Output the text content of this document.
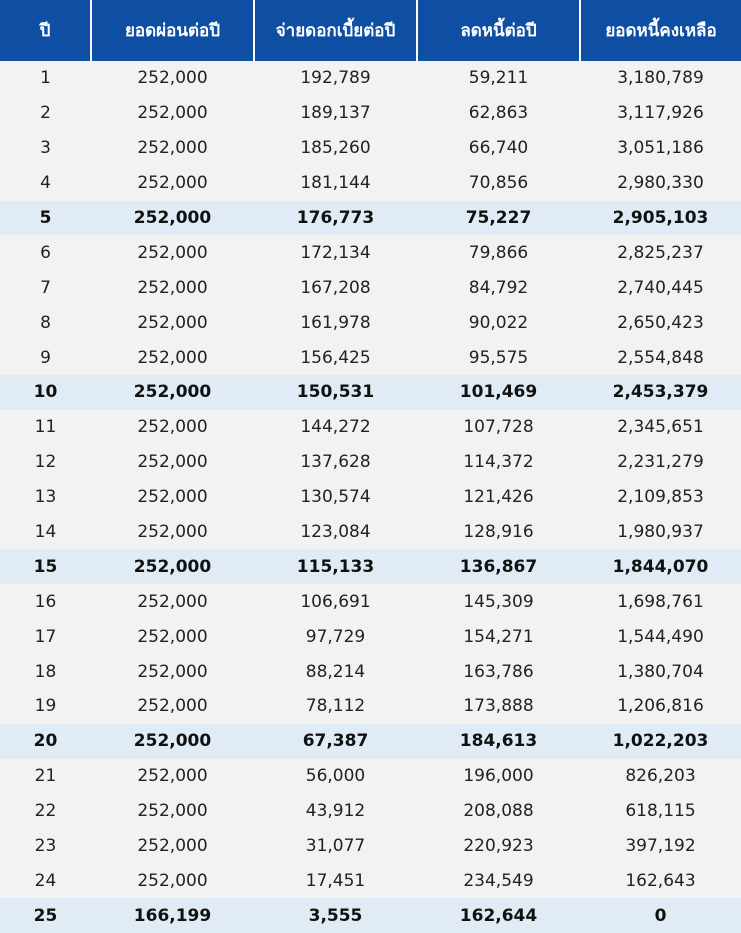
ปี	ยอดผ่อนต่อปี	จ่ายดอกเบี้ยต่อปี	ลดหนี้ต่อปี	ยอดหนี้คงเหลือ
1	252,000	192,789	59,211	3,180,789
2	252,000	189,137	62,863	3,117,926
3	252,000	185,260	66,740	3,051,186
4	252,000	181,144	70,856	2,980,330
5	252,000	176,773	75,227	2,905,103
6	252,000	172,134	79,866	2,825,237
7	252,000	167,208	84,792	2,740,445
8	252,000	161,978	90,022	2,650,423
9	252,000	156,425	95,575	2,554,848
10	252,000	150,531	101,469	2,453,379
11	252,000	144,272	107,728	2,345,651
12	252,000	137,628	114,372	2,231,279
13	252,000	130,574	121,426	2,109,853
14	252,000	123,084	128,916	1,980,937
15	252,000	115,133	136,867	1,844,070
16	252,000	106,691	145,309	1,698,761
17	252,000	97,729	154,271	1,544,490
18	252,000	88,214	163,786	1,380,704
19	252,000	78,112	173,888	1,206,816
20	252,000	67,387	184,613	1,022,203
21	252,000	56,000	196,000	826,203
22	252,000	43,912	208,088	618,115
23	252,000	31,077	220,923	397,192
24	252,000	17,451	234,549	162,643
25	166,199	3,555	162,644	0
